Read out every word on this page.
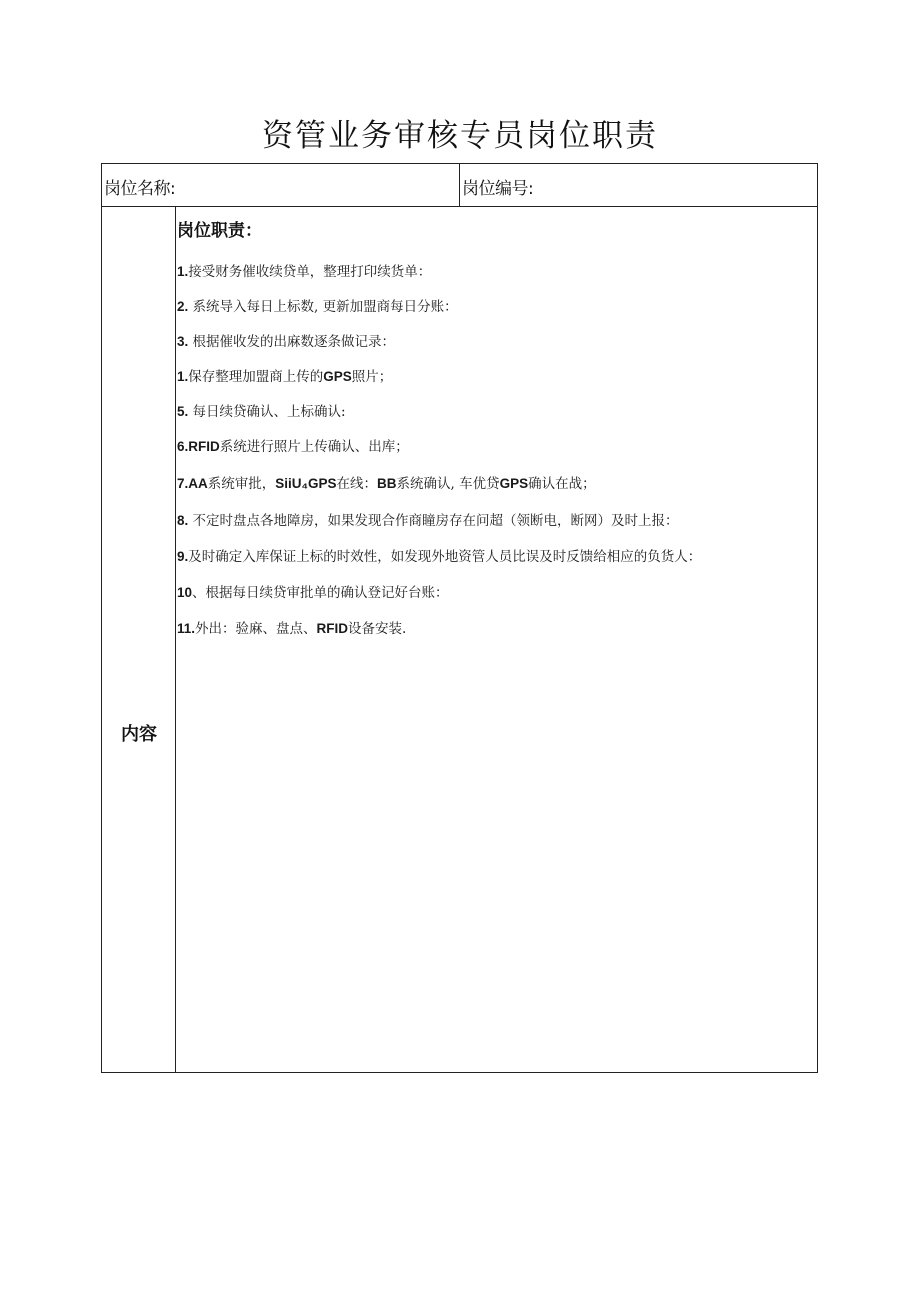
资管业务审核专员岗位职责
岗位名称:	岗位编号:
内容
岗位职责：
1.接受财务催收续贷单，整理打印续货单：
2. 系统导入每日上标数, 更新加盟商每日分账：
3. 根据催收发的出麻数逐条做记录：
1.保存整理加盟商上传的GPS照片；
5. 每日续贷确认、上标确认:
6.RFID系统进行照片上传确认、出库；
7.AA系统审批，SiiU₄GPS在线：BB系统确认, 车优贷GPS确认在战；
8. 不定时盘点各地障房，如果发现合作商瞳房存在问超（领断电，断网）及时上报：
9.及时确定入库保证上标的时效性，如发现外地资管人员比误及时反馈给相应的负货人：
10、根据每日续贷审批单的确认登记好台账：
11.外出：验麻、盘点、RFID设备安装.
